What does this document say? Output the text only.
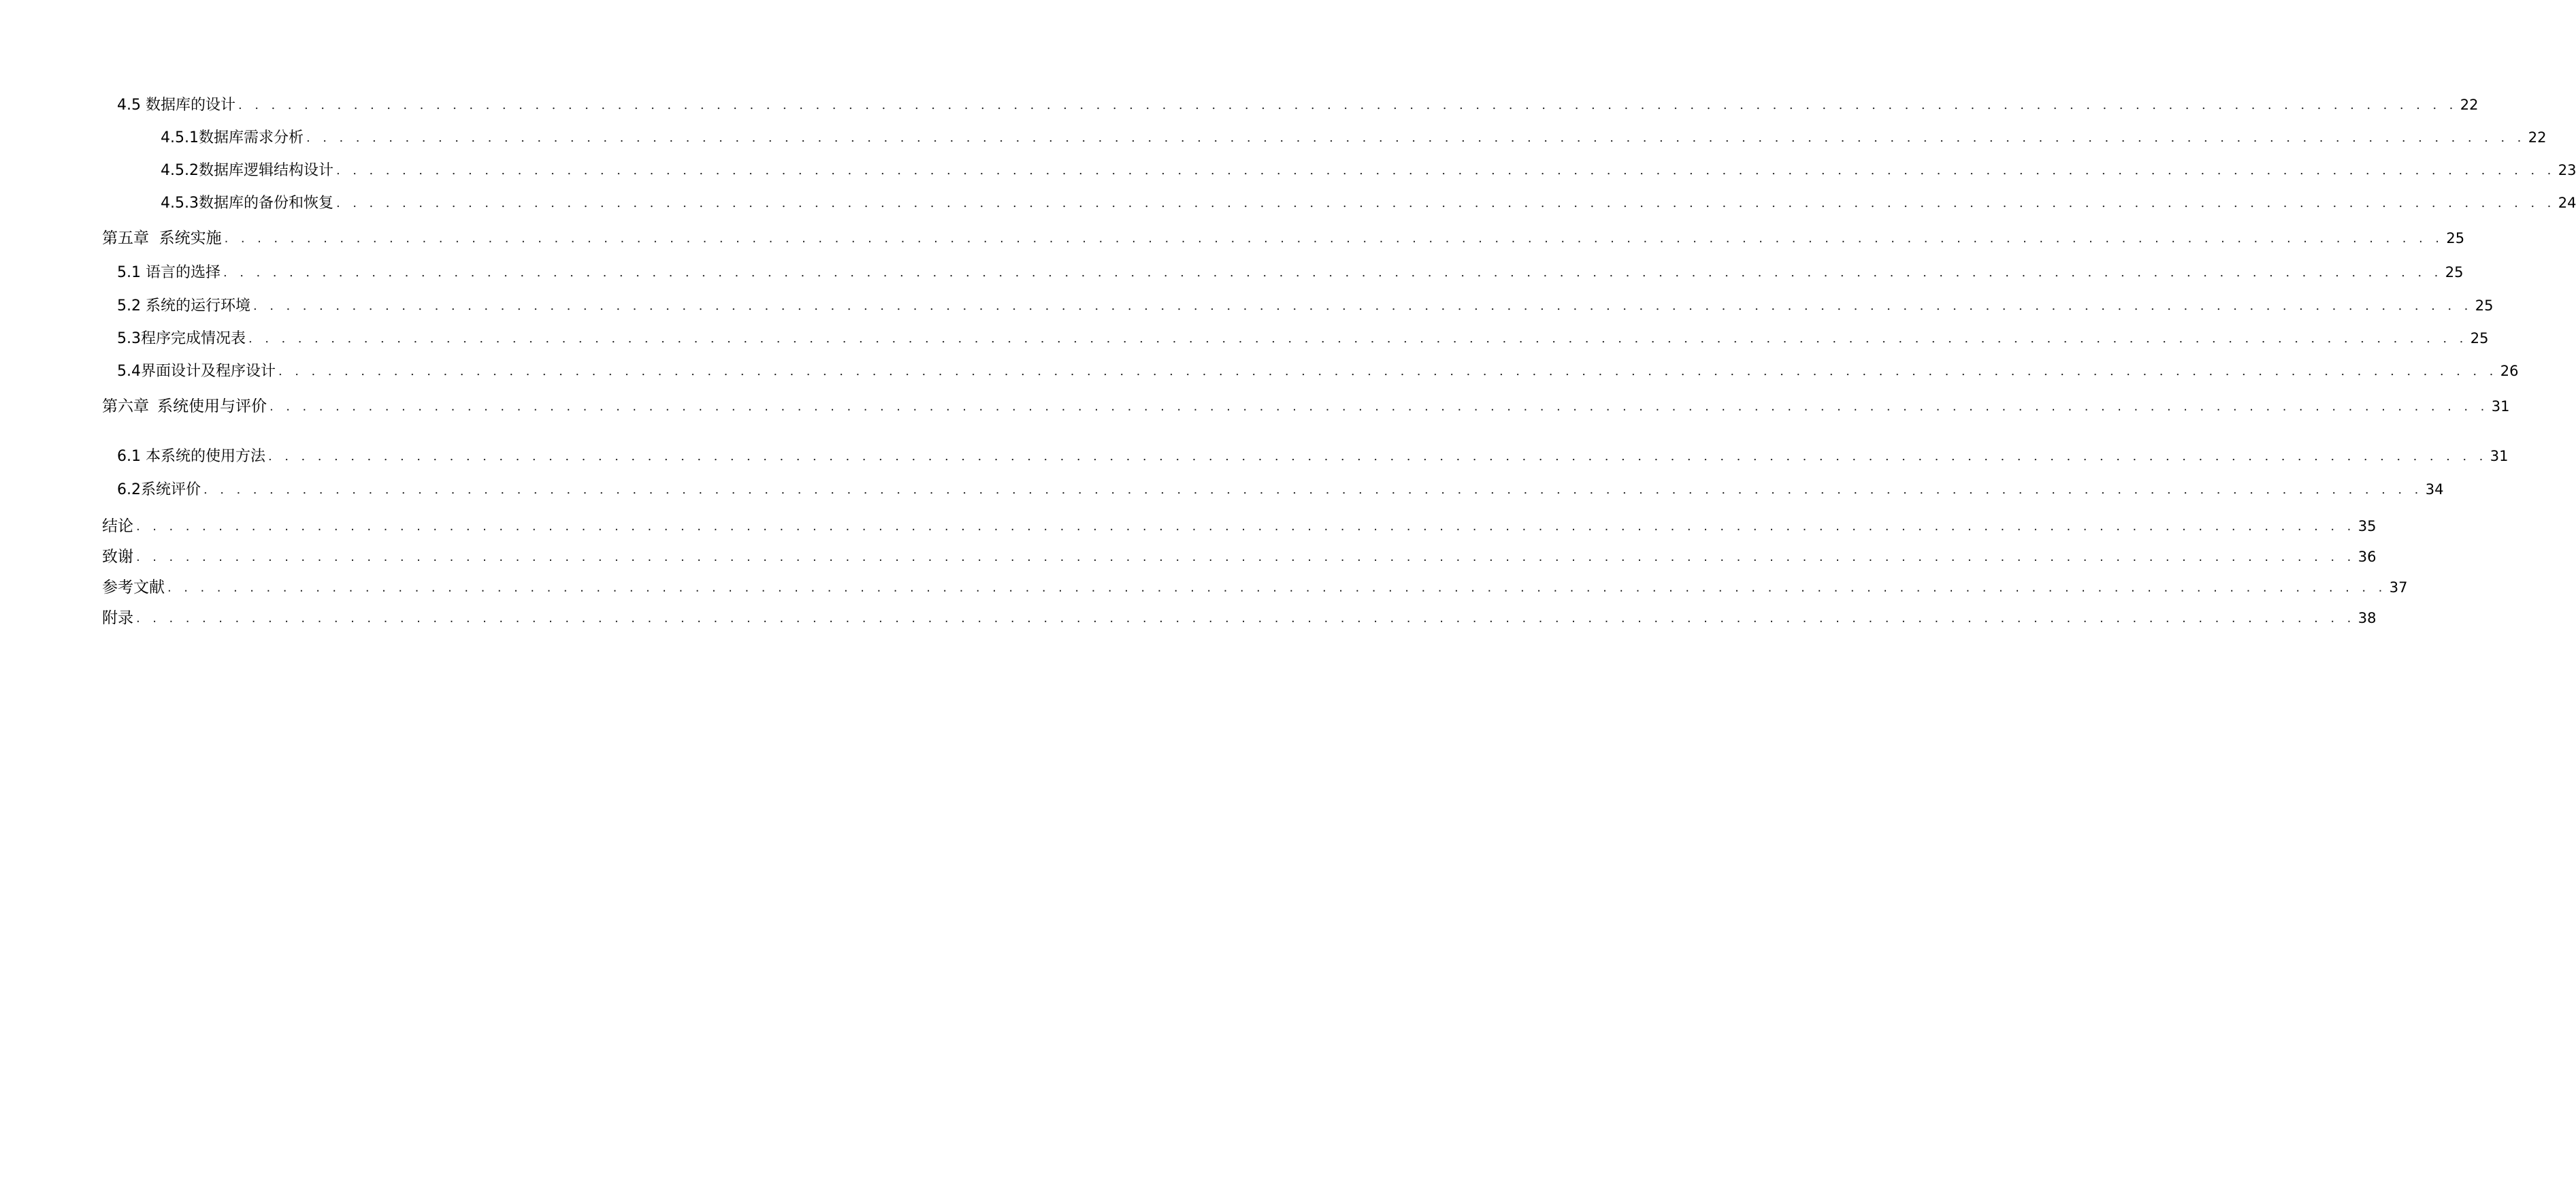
4.5 数据库的设计 . . . . . . . . . . . . . . . . . . . . . . . . . . . . . . . . . . . . . . . . . . . . . . . . . . . . . . . . . . . . . . . . . . . . . . . . . . . . . . . . . . . . . . . . . . . . . . . . . . . . . . . . . . . . . . . . . . . . . . . . . . . . . . . . . . . . . . . 22
4.5.1 数据库需求分析 . . . . . . . . . . . . . . . . . . . . . . . . . . . . . . . . . . . . . . . . . . . . . . . . . . . . . . . . . . . . . . . . . . . . . . . . . . . . . . . . . . . . . . . . . . . . . . . . . . . . . . . . . . . . . . . . . . . . . . . . . . . . . . . . . . . . . . . 22
4.5.2 数据库逻辑结构设计 . . . . . . . . . . . . . . . . . . . . . . . . . . . . . . . . . . . . . . . . . . . . . . . . . . . . . . . . . . . . . . . . . . . . . . . . . . . . . . . . . . . . . . . . . . . . . . . . . . . . . . . . . . . . . . . . . . . . . . . . . . . . . . . . . . . . . . . 23
4.5.3 数据库的备份和恢复 . . . . . . . . . . . . . . . . . . . . . . . . . . . . . . . . . . . . . . . . . . . . . . . . . . . . . . . . . . . . . . . . . . . . . . . . . . . . . . . . . . . . . . . . . . . . . . . . . . . . . . . . . . . . . . . . . . . . . . . . . . . . . . . . . . . . . . . 24
第五章 系统实施 . . . . . . . . . . . . . . . . . . . . . . . . . . . . . . . . . . . . . . . . . . . . . . . . . . . . . . . . . . . . . . . . . . . . . . . . . . . . . . . . . . . . . . . . . . . . . . . . . . . . . . . . . . . . . . . . . . . . . . . . . . . . . . . . . . . . . . . 25
5.1 语言的选择 . . . . . . . . . . . . . . . . . . . . . . . . . . . . . . . . . . . . . . . . . . . . . . . . . . . . . . . . . . . . . . . . . . . . . . . . . . . . . . . . . . . . . . . . . . . . . . . . . . . . . . . . . . . . . . . . . . . . . . . . . . . . . . . . . . . . . . . 25
5.2 系统的运行环境 . . . . . . . . . . . . . . . . . . . . . . . . . . . . . . . . . . . . . . . . . . . . . . . . . . . . . . . . . . . . . . . . . . . . . . . . . . . . . . . . . . . . . . . . . . . . . . . . . . . . . . . . . . . . . . . . . . . . . . . . . . . . . . . . . . . . . . . 25
5.3 程序完成情况表 . . . . . . . . . . . . . . . . . . . . . . . . . . . . . . . . . . . . . . . . . . . . . . . . . . . . . . . . . . . . . . . . . . . . . . . . . . . . . . . . . . . . . . . . . . . . . . . . . . . . . . . . . . . . . . . . . . . . . . . . . . . . . . . . . . . . . . . 25
5.4 界面设计及程序设计 . . . . . . . . . . . . . . . . . . . . . . . . . . . . . . . . . . . . . . . . . . . . . . . . . . . . . . . . . . . . . . . . . . . . . . . . . . . . . . . . . . . . . . . . . . . . . . . . . . . . . . . . . . . . . . . . . . . . . . . . . . . . . . . . . . . . . . . 26
第六章 系统使用与评价 . . . . . . . . . . . . . . . . . . . . . . . . . . . . . . . . . . . . . . . . . . . . . . . . . . . . . . . . . . . . . . . . . . . . . . . . . . . . . . . . . . . . . . . . . . . . . . . . . . . . . . . . . . . . . . . . . . . . . . . . . . . . . . . . . . . . . . . 31
6.1 本系统的使用方法 . . . . . . . . . . . . . . . . . . . . . . . . . . . . . . . . . . . . . . . . . . . . . . . . . . . . . . . . . . . . . . . . . . . . . . . . . . . . . . . . . . . . . . . . . . . . . . . . . . . . . . . . . . . . . . . . . . . . . . . . . . . . . . . . . . . . . . . 31
6.2 系统评价 . . . . . . . . . . . . . . . . . . . . . . . . . . . . . . . . . . . . . . . . . . . . . . . . . . . . . . . . . . . . . . . . . . . . . . . . . . . . . . . . . . . . . . . . . . . . . . . . . . . . . . . . . . . . . . . . . . . . . . . . . . . . . . . . . . . . . . . 34
结论 . . . . . . . . . . . . . . . . . . . . . . . . . . . . . . . . . . . . . . . . . . . . . . . . . . . . . . . . . . . . . . . . . . . . . . . . . . . . . . . . . . . . . . . . . . . . . . . . . . . . . . . . . . . . . . . . . . . . . . . . . . . . . . . . . . . . . . . 35
致谢 . . . . . . . . . . . . . . . . . . . . . . . . . . . . . . . . . . . . . . . . . . . . . . . . . . . . . . . . . . . . . . . . . . . . . . . . . . . . . . . . . . . . . . . . . . . . . . . . . . . . . . . . . . . . . . . . . . . . . . . . . . . . . . . . . . . . . . . 36
参考文献 . . . . . . . . . . . . . . . . . . . . . . . . . . . . . . . . . . . . . . . . . . . . . . . . . . . . . . . . . . . . . . . . . . . . . . . . . . . . . . . . . . . . . . . . . . . . . . . . . . . . . . . . . . . . . . . . . . . . . . . . . . . . . . . . . . . . . . . 37
附录 . . . . . . . . . . . . . . . . . . . . . . . . . . . . . . . . . . . . . . . . . . . . . . . . . . . . . . . . . . . . . . . . . . . . . . . . . . . . . . . . . . . . . . . . . . . . . . . . . . . . . . . . . . . . . . . . . . . . . . . . . . . . . . . . . . . . . . . 38
